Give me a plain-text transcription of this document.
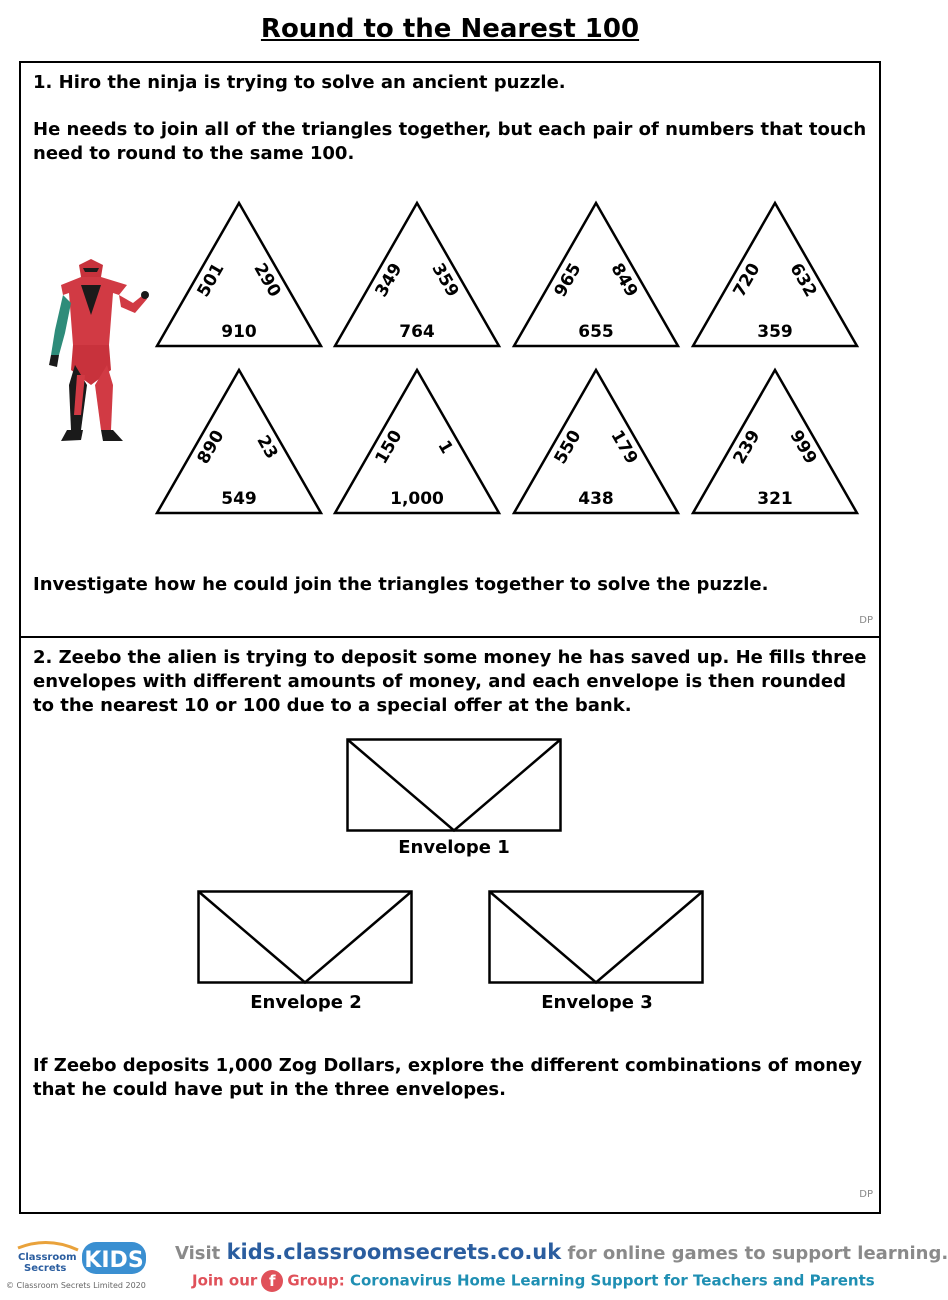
Round to the Nearest 100

1. Hiro the ninja is trying to solve an ancient puzzle.

He needs to join all of the triangles together, but each pair of numbers that touch need to round to the same 100.

501 290
910
349 359
764
965 849
655
720 632
359
890 23
549
150 1
1,000
550 179
438
239 999
321

Investigate how he could join the triangles together to solve the puzzle.

DP

2. Zeebo the alien is trying to deposit some money he has saved up. He fills three envelopes with different amounts of money, and each envelope is then rounded to the nearest 10 or 100 due to a special offer at the bank.

Envelope 1
Envelope 2	Envelope 3

If Zeebo deposits 1,000 Zog Dollars, explore the different combinations of money that he could have put in the three envelopes.

DP
Classroom
Secrets KIDS
© Classroom Secrets Limited 2020
Visit kids.classroomsecrets.co.uk for online games to support learning.
Join our f Group: Coronavirus Home Learning Support for Teachers and Parents
